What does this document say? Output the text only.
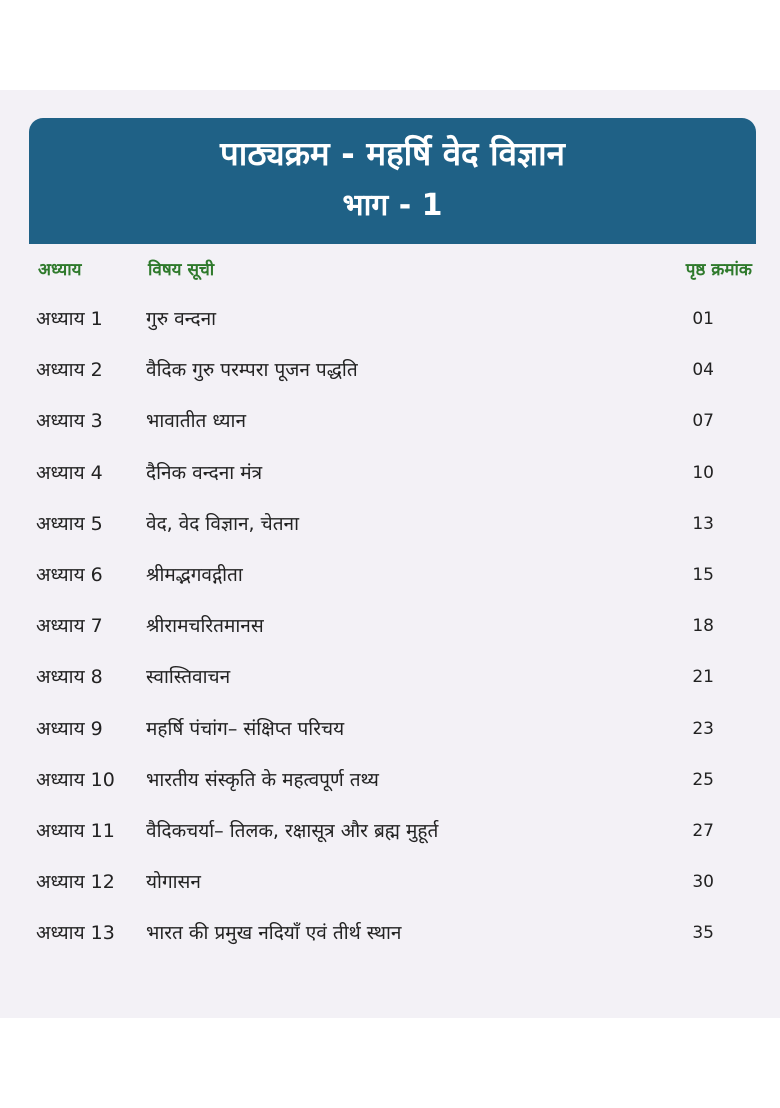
पाठ्यक्रम - महर्षि वेद विज्ञान
भाग - 1
अध्याय	विषय सूची	पृष्ठ क्रमांक
अध्याय 1 गुरु वन्दना	01
अध्याय 2 वैदिक गुरु परम्परा पूजन पद्धति	04
अध्याय 3 भावातीत ध्यान	07
अध्याय 4 दैनिक वन्दना मंत्र	10
अध्याय 5 वेद, वेद विज्ञान, चेतना	13
अध्याय 6 श्रीमद्भगवद्गीता	15
अध्याय 7 श्रीरामचरितमानस	18
अध्याय 8 स्वास्तिवाचन	21
अध्याय 9 महर्षि पंचांग– संक्षिप्त परिचय	23
अध्याय 10 भारतीय संस्कृति के महत्वपूर्ण तथ्य	25
अध्याय 11 वैदिकचर्या– तिलक, रक्षासूत्र और ब्रह्म मुहूर्त	27
अध्याय 12 योगासन	30
अध्याय 13 भारत की प्रमुख नदियाँ एवं तीर्थ स्थान	35
